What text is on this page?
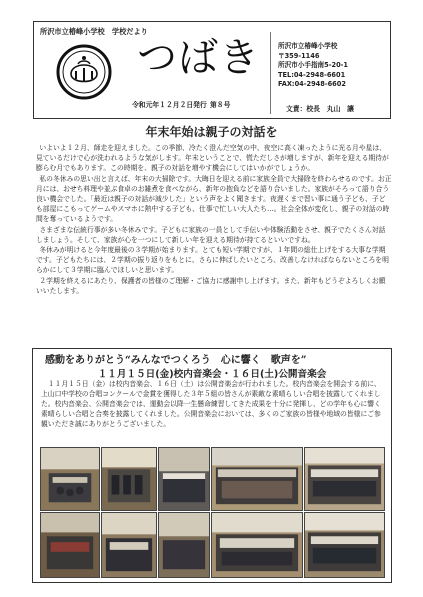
所沢市立椿峰小学校　学校だより
つばき
令和元年１２月２日発行 第８号
所沢市立椿峰小学校
〒359-1146
所沢市小手指南5-20-1
TEL:04-2948-6601
FAX:04-2948-6602
文責：校長　丸山　讓
年末年始は親子の対話を

いよいよ１２月、師走を迎えました。この季節、冷たく澄んだ空気の中、夜空に高く凍ったように光る月や星は、見ているだけで心が洗われるような気がします。年末ということで、慌ただしさが増しますが、新年を迎える期待が膨らむ月でもあります。この時期を、親子の対話を増やす機会にしてはいかがでしょうか。

私の冬休みの思い出と言えば、年末の大掃除です。大晦日を迎える前に家族全員で大掃除を終わらせるのです。お正月には、おせち料理や並ぶ食卓のお雑煮を食べながら、新年の抱負などを語り合いました。家族がそろって語り合う良い機会でした。「最近は親子の対話が減少した」という声をよく聞きます。夜遅くまで習い事に通う子ども、子ども部屋にこもってゲームやスマホに熱中する子ども、仕事で忙しい大人たち…。社会全体が変化し、親子の対話の時間を奪っているようです。

さまざまな伝統行事が多い冬休みです。子どもに家族の一員として手伝いや体験活動をさせ、親子でたくさん対話しましょう。そして、家族が心を一つにして新しい年を迎える期待が持てるといいですね。

冬休みが明けると今年度最後の３学期が始まります。とても短い学期ですが、１年間の総仕上げをする大事な学期です。子どもたちには、２学期の振り返りをもとに、さらに伸ばしたいところ、改善しなければならないところを明らかにして３学期に臨んでほしいと思います。

２学期を終えるにあたり、保護者の皆様のご理解・ご協力に感謝申し上げます。また、新年もどうぞよろしくお願いいたします。

感動をありがとう“みんなでつくろう　心に響く　歌声を”
１１月１５日(金)校内音楽会・１６日(土)公開音楽会

１１月１５日（金）は校内音楽会、１６日（土）は公開音楽会が行われました。校内音楽会を開会する前に、上山口中学校の合唱コンクールで金賞を獲得した３年５組の皆さんが素敵な素晴らしい合唱を披露してくれました。校内音楽会、公開音楽会では、運動会以降一生懸命練習してきた成果を十分に発揮し、どの学年も心に響く素晴らしい合唱と合奏を披露してくれました。公開音楽会においては、多くのご家族の皆様や地域の皆様にご参観いただき誠にありがとうございました。
